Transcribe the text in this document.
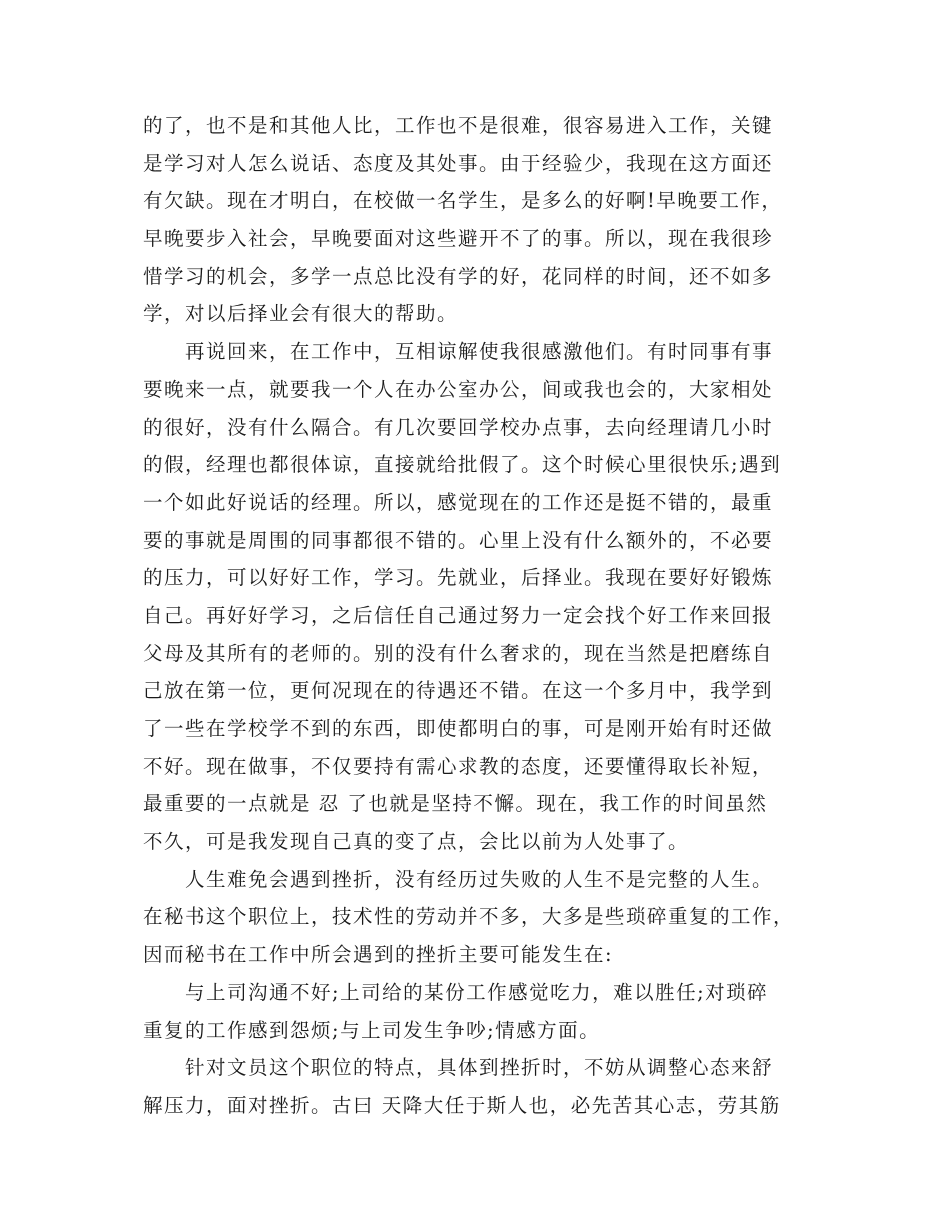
的了，也不是和其他人比，工作也不是很难，很容易进入工作，关键
是学习对人怎么说话、态度及其处事。由于经验少，我现在这方面还
有欠缺。现在才明白，在校做一名学生，是多么的好啊!早晚要工作，
早晚要步入社会，早晚要面对这些避开不了的事。所以，现在我很珍
惜学习的机会，多学一点总比没有学的好，花同样的时间，还不如多
学，对以后择业会有很大的帮助。
再说回来，在工作中，互相谅解使我很感激他们。有时同事有事
要晚来一点，就要我一个人在办公室办公，间或我也会的，大家相处
的很好，没有什么隔合。有几次要回学校办点事，去向经理请几小时
的假，经理也都很体谅，直接就给批假了。这个时候心里很快乐;遇到
一个如此好说话的经理。所以，感觉现在的工作还是挺不错的，最重
要的事就是周围的同事都很不错的。心里上没有什么额外的，不必要
的压力，可以好好工作，学习。先就业，后择业。我现在要好好锻炼
自己。再好好学习，之后信任自己通过努力一定会找个好工作来回报
父母及其所有的老师的。别的没有什么奢求的，现在当然是把磨练自
己放在第一位，更何况现在的待遇还不错。在这一个多月中，我学到
了一些在学校学不到的东西，即使都明白的事，可是刚开始有时还做
不好。现在做事，不仅要持有需心求教的态度，还要懂得取长补短，
最重要的一点就是 忍 了也就是坚持不懈。现在，我工作的时间虽然
不久，可是我发现自己真的变了点，会比以前为人处事了。
人生难免会遇到挫折，没有经历过失败的人生不是完整的人生。
在秘书这个职位上，技术性的劳动并不多，大多是些琐碎重复的工作，
因而秘书在工作中所会遇到的挫折主要可能发生在:
与上司沟通不好;上司给的某份工作感觉吃力，难以胜任;对琐碎
重复的工作感到怨烦;与上司发生争吵;情感方面。
针对文员这个职位的特点，具体到挫折时，不妨从调整心态来舒
解压力，面对挫折。古曰 天降大任于斯人也，必先苦其心志，劳其筋
